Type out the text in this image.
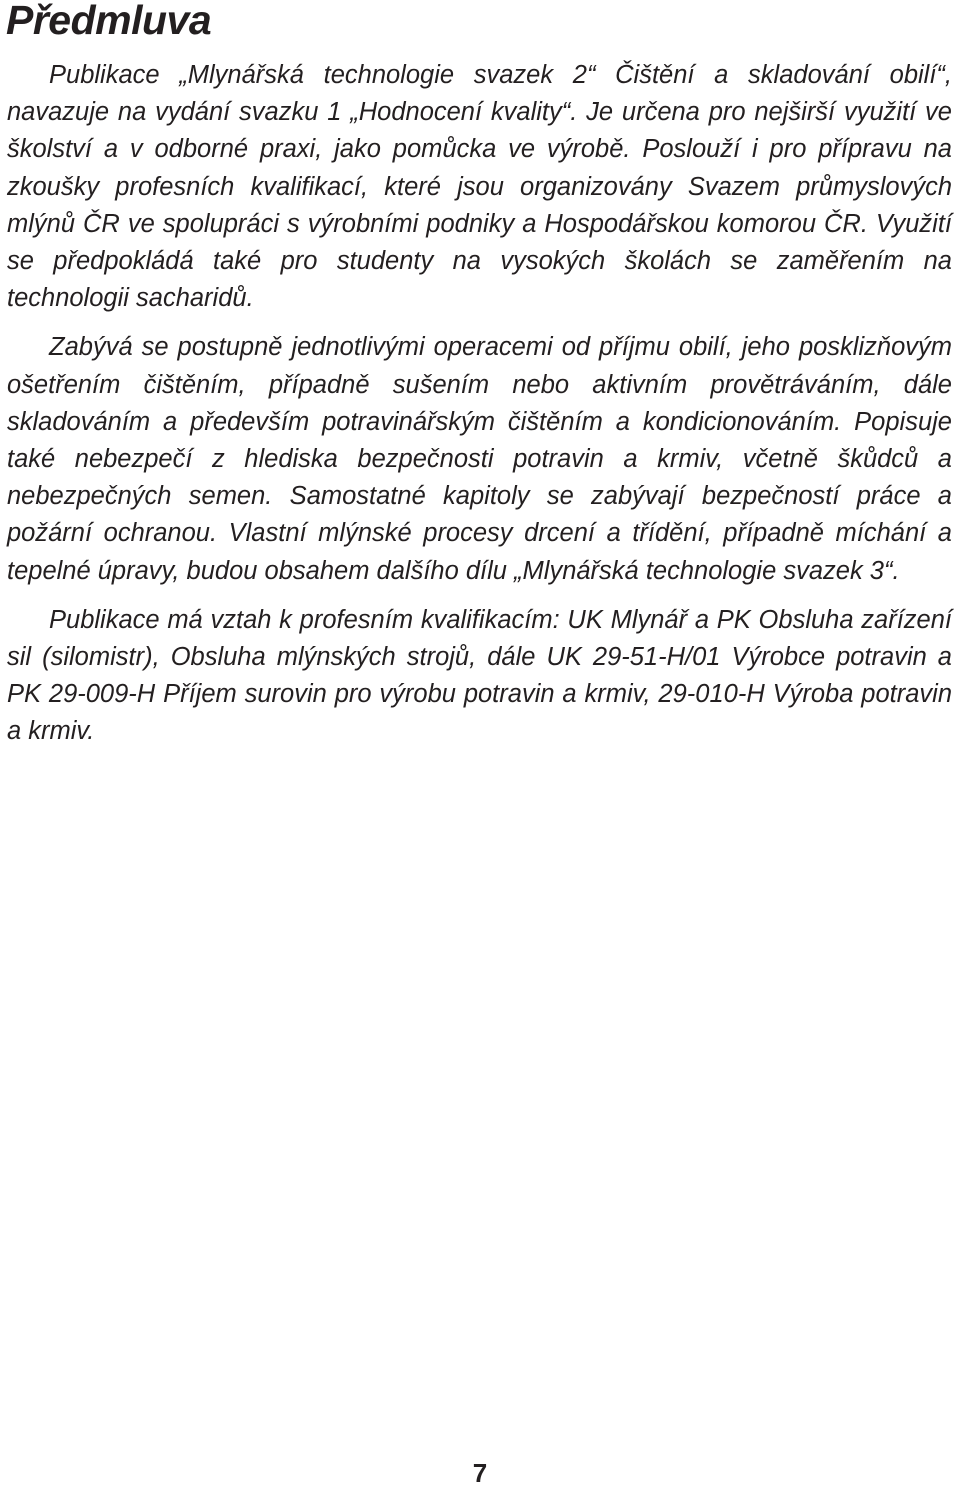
Předmluva

Publikace „Mlynářská technologie svazek 2“ Čištění a skladování obilí“, navazuje na vydání svazku 1 „Hodnocení kvality“. Je určena pro nejširší využití ve školství a v odborné praxi, jako pomůcka ve výrobě. Poslouží i pro přípravu na zkoušky profesních kvalifikací, které jsou organizovány Svazem průmyslových mlýnů ČR ve spolupráci s výrobními podniky a Hospodářskou komorou ČR. Využití se předpokládá také pro studenty na vysokých školách se zaměřením na technologii sacharidů.

Zabývá se postupně jednotlivými operacemi od příjmu obilí, jeho posklizňovým ošetřením čištěním, případně sušením nebo aktivním provětráváním, dále skladováním a především potravinářským čištěním a kondicionováním. Popisuje také nebezpečí z hlediska bezpečnosti potravin a krmiv, včetně škůdců a nebezpečných semen. Samostatné kapitoly se zabývají bezpečností práce a požární ochranou. Vlastní mlýnské procesy drcení a třídění, případně míchání a tepelné úpravy, budou obsahem dalšího dílu „Mlynářská technologie svazek 3“.

Publikace má vztah k profesním kvalifikacím: UK Mlynář a PK Obsluha zařízení sil (silomistr), Obsluha mlýnských strojů, dále UK 29-51-H/01 Výrobce potravin a PK 29-009-H Příjem surovin pro výrobu potravin a krmiv, 29-010-H Výroba potravin a krmiv.

7
